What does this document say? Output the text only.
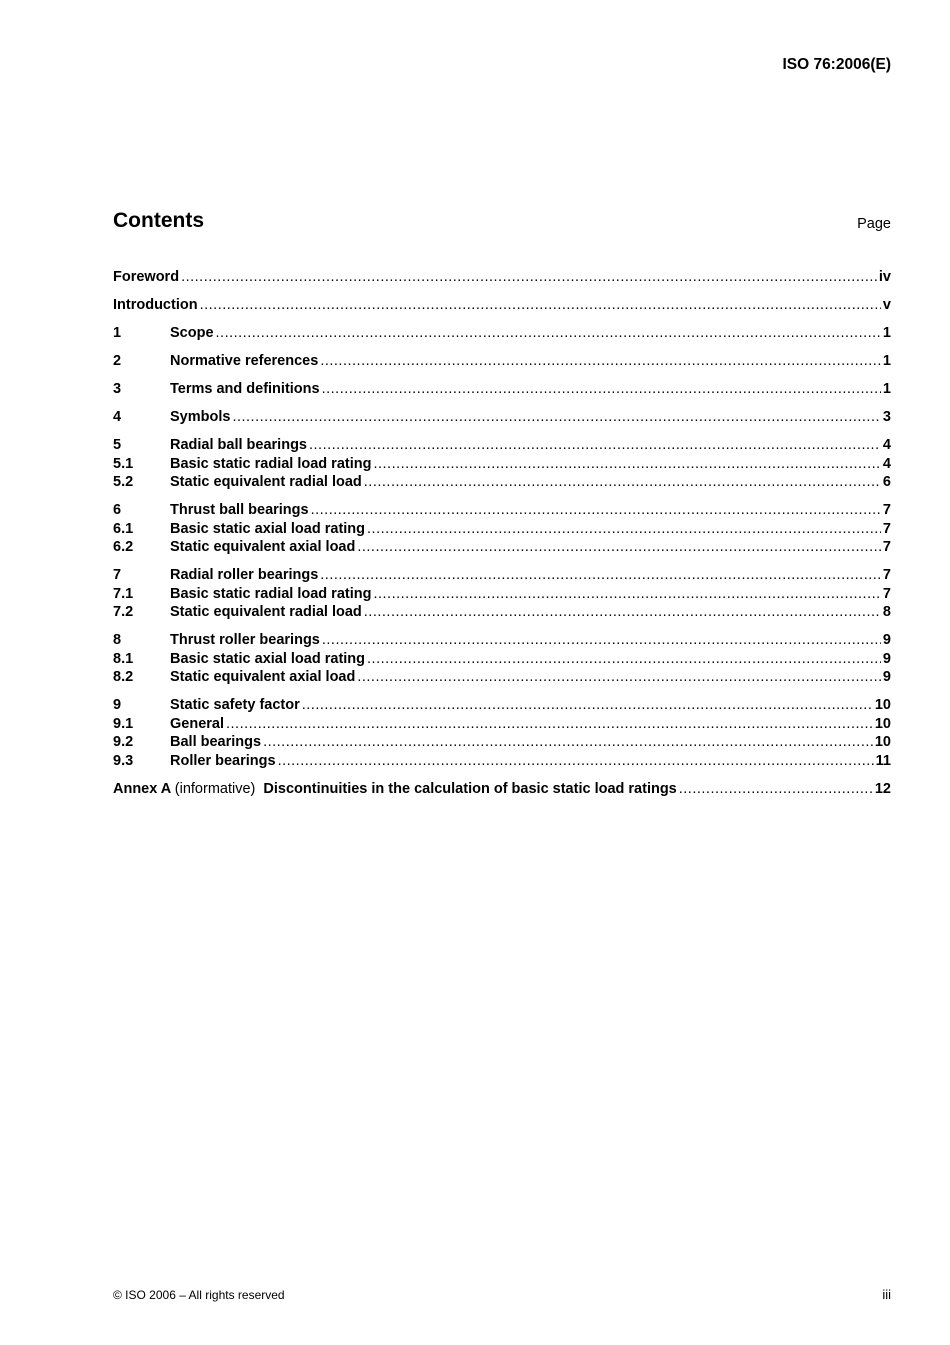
ISO 76:2006(E)
Contents	Page
Foreword .....	iv
Introduction .....	v
1	Scope .....	1
2	Normative references .....	1
3	Terms and definitions .....	1
4	Symbols .....	3
5	Radial ball bearings .....	4
5.1	Basic static radial load rating .....	4
5.2	Static equivalent radial load .....	6
6	Thrust ball bearings .....	7
6.1	Basic static axial load rating .....	7
6.2	Static equivalent axial load .....	7
7	Radial roller bearings .....	7
7.1	Basic static radial load rating .....	7
7.2	Static equivalent radial load .....	8
8	Thrust roller bearings .....	9
8.1	Basic static axial load rating .....	9
8.2	Static equivalent axial load .....	9
9	Static safety factor .....	10
9.1	General .....	10
9.2	Ball bearings .....	10
9.3	Roller bearings .....	11
Annex A (informative) Discontinuities in the calculation of basic static load ratings .....	12
© ISO 2006 – All rights reserved	iii
